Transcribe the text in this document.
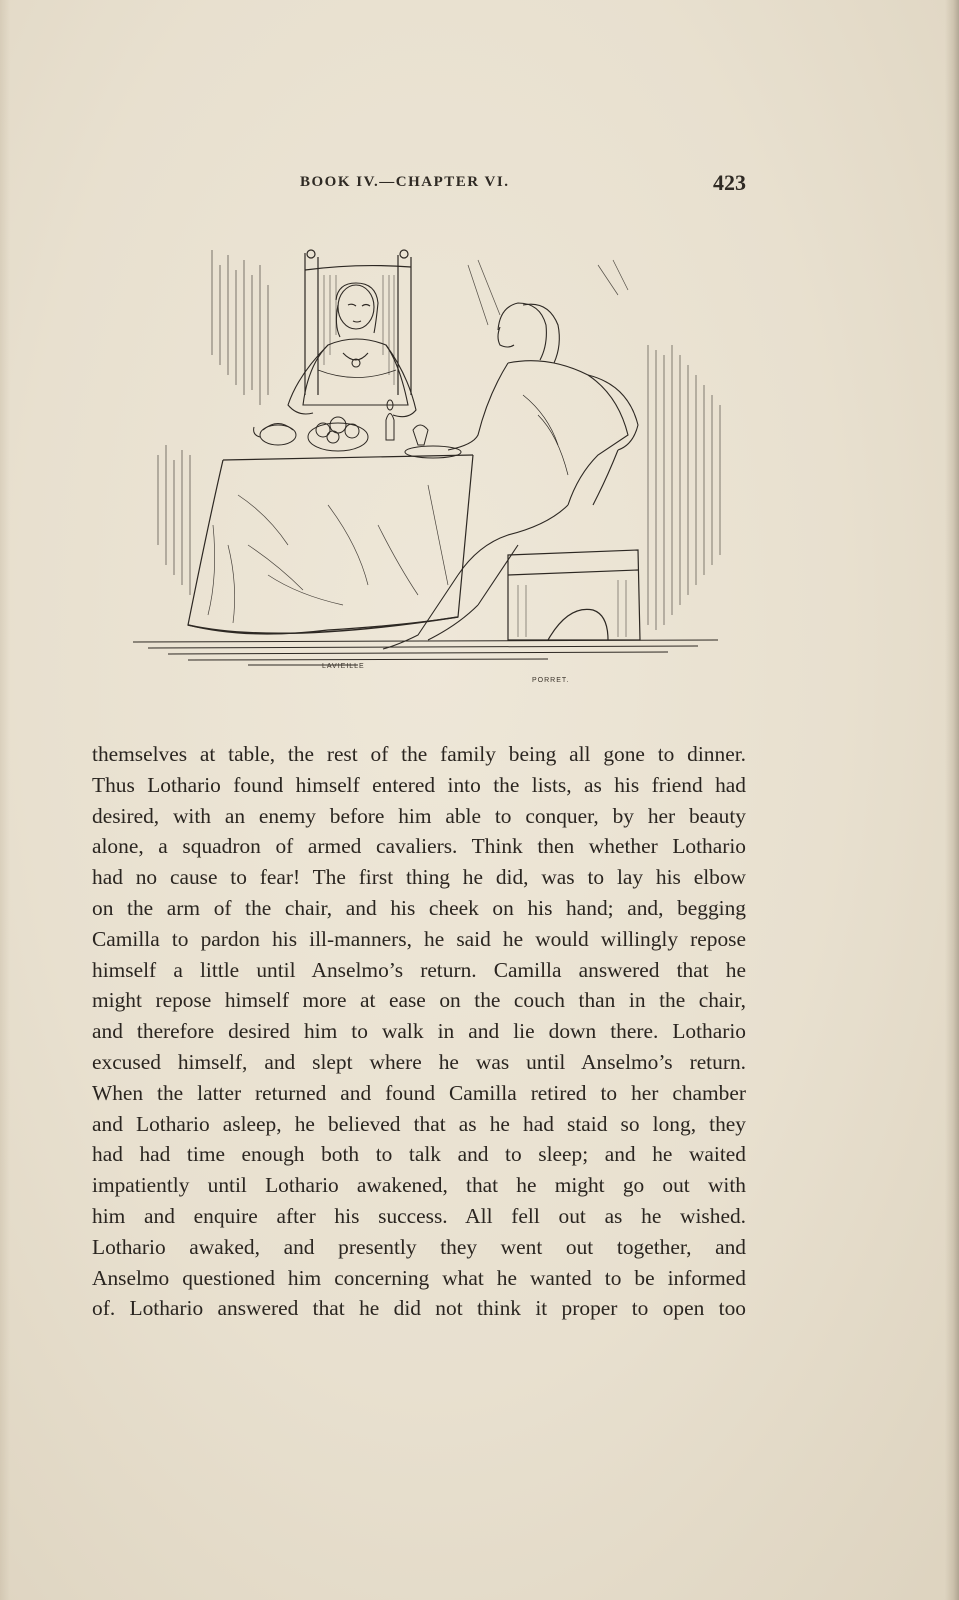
BOOK IV.—CHAPTER VI.	423
LAVIEILLE
PORRET.
themselves at table, the rest of the family being all gone to dinner.
Thus Lothario found himself entered into the lists, as his friend had
desired, with an enemy before him able to conquer, by her beauty
alone, a squadron of armed cavaliers. Think then whether Lothario
had no cause to fear! The first thing he did, was to lay his elbow
on the arm of the chair, and his cheek on his hand; and, begging
Camilla to pardon his ill-manners, he said he would willingly repose
himself a little until Anselmo’s return. Camilla answered that he
might repose himself more at ease on the couch than in the chair,
and therefore desired him to walk in and lie down there. Lothario
excused himself, and slept where he was until Anselmo’s return.
When the latter returned and found Camilla retired to her chamber
and Lothario asleep, he believed that as he had staid so long, they
had had time enough both to talk and to sleep; and he waited
impatiently until Lothario awakened, that he might go out with
him and enquire after his success. All fell out as he wished.
Lothario awaked, and presently they went out together, and
Anselmo questioned him concerning what he wanted to be informed
of. Lothario answered that he did not think it proper to open too
